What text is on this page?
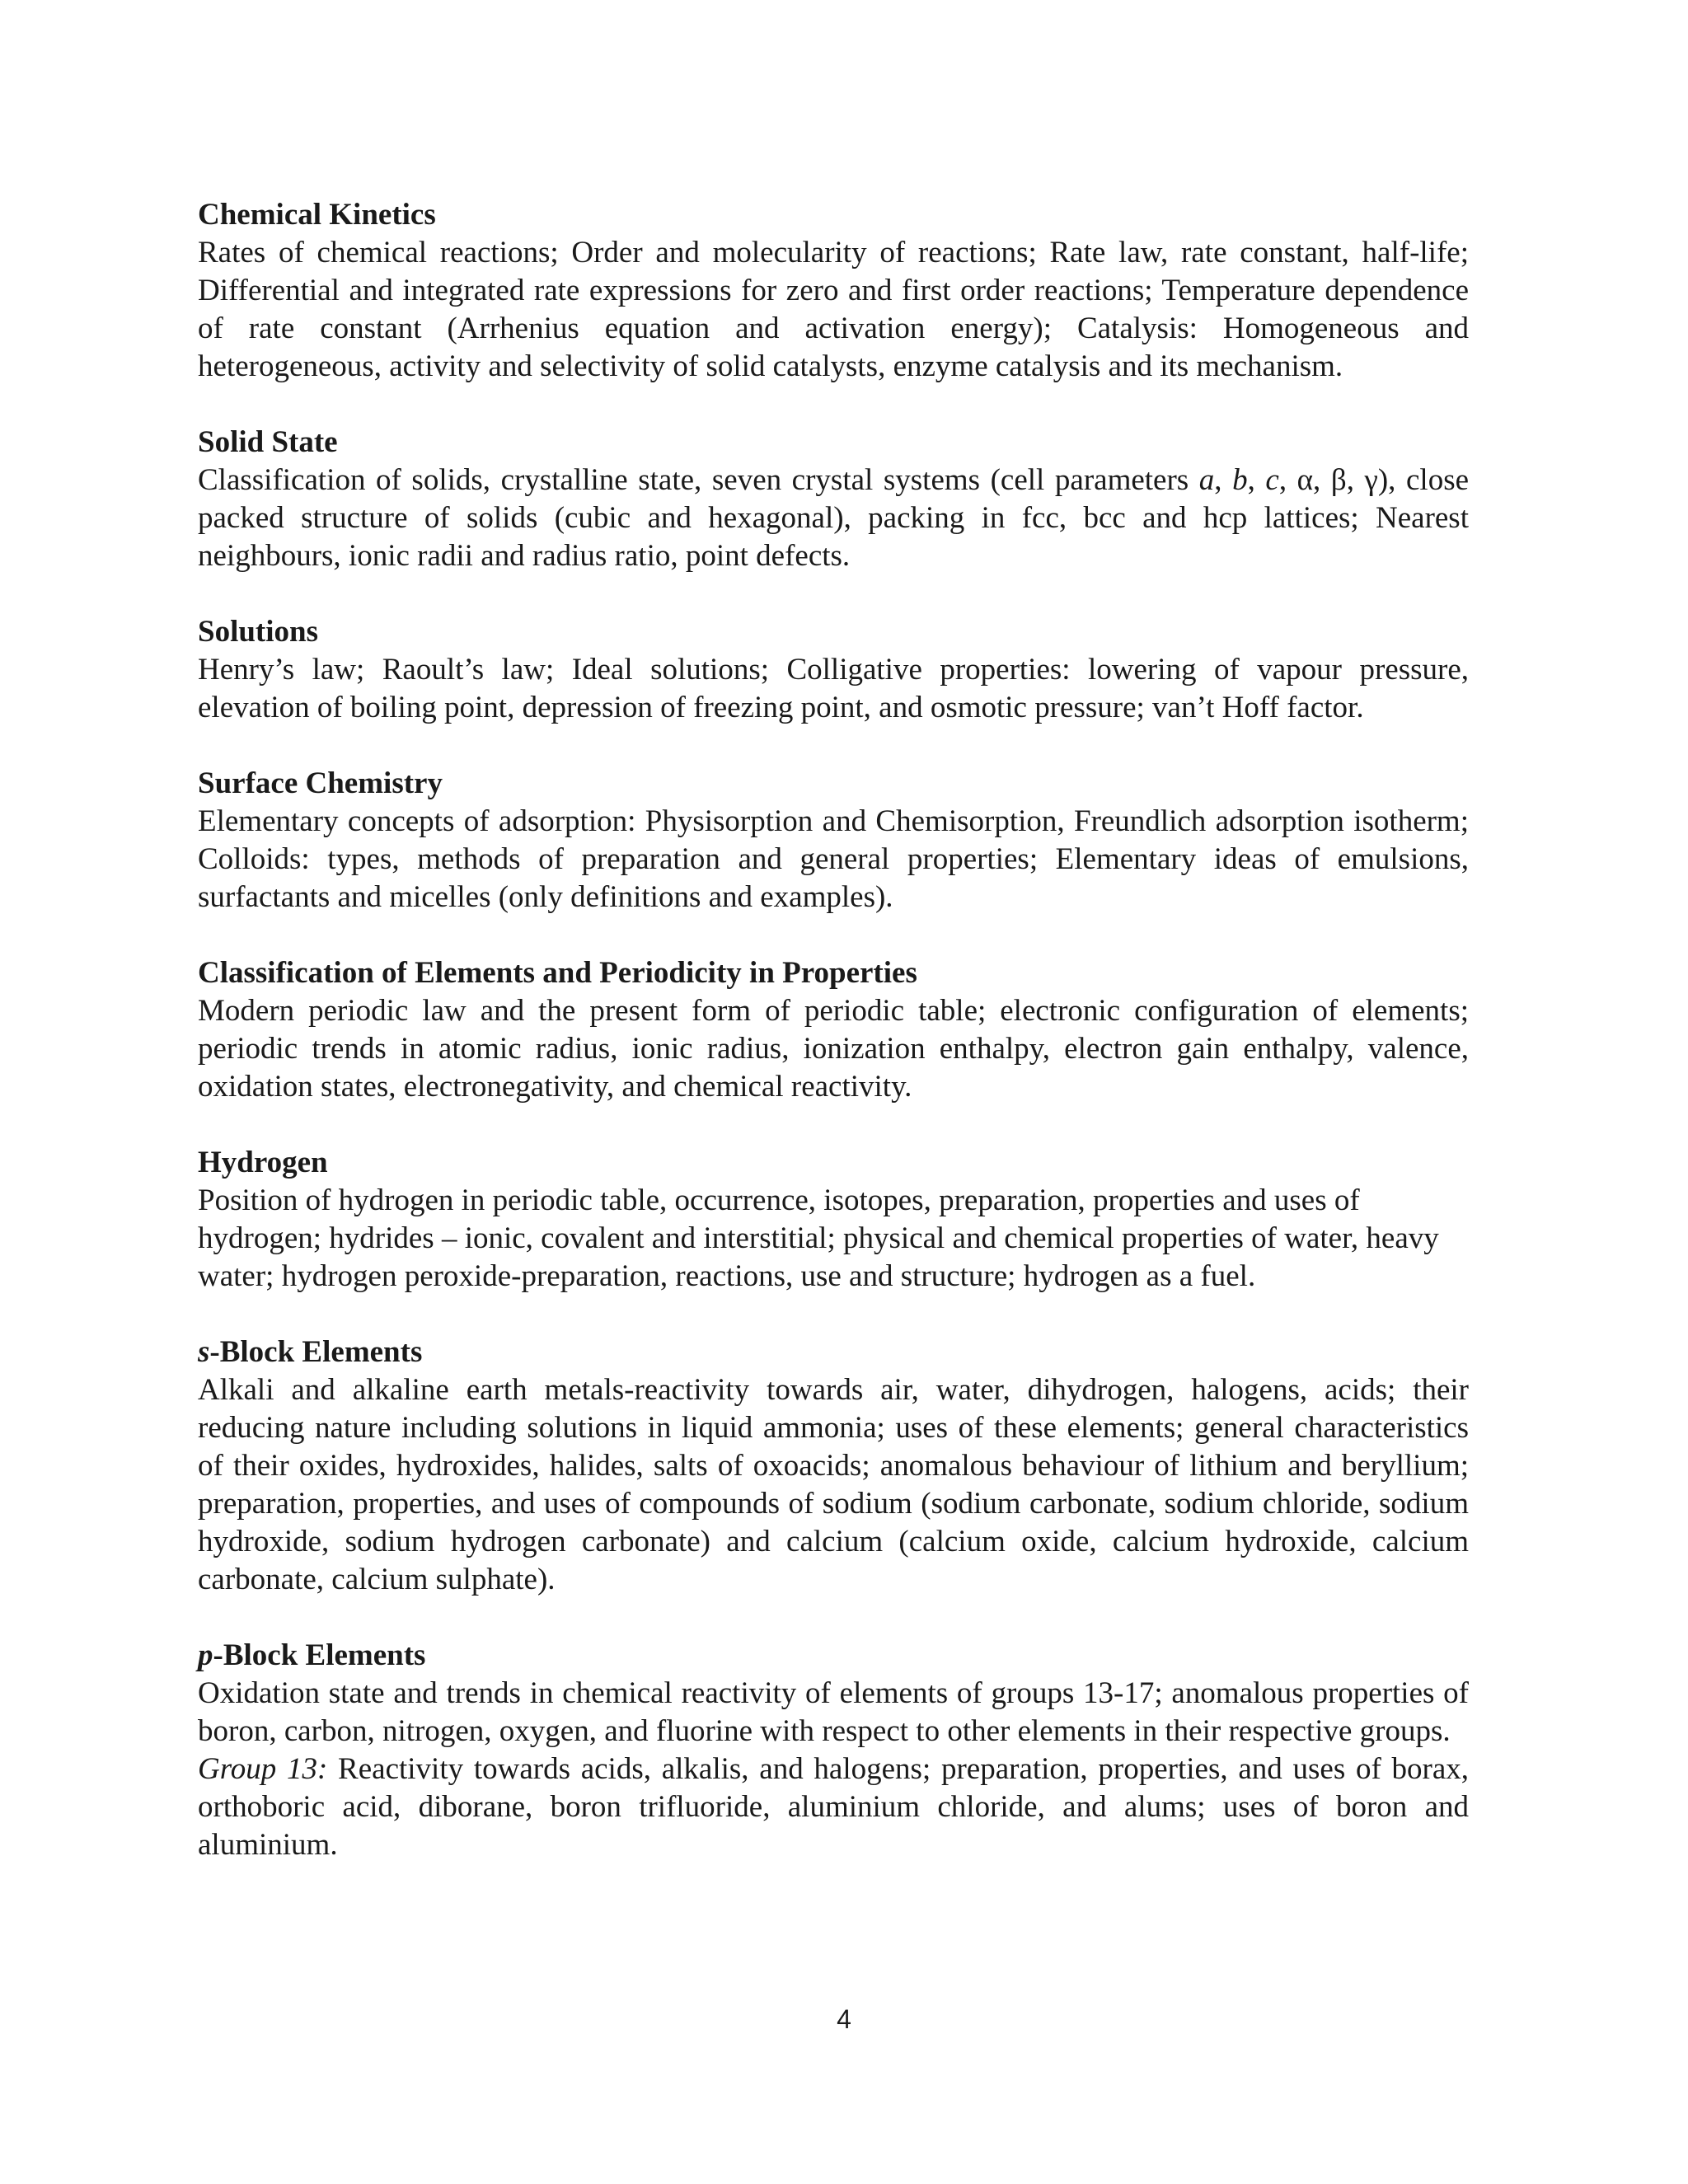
Chemical Kinetics

Rates of chemical reactions; Order and molecularity of reactions; Rate law, rate constant, half-life; Differential and integrated rate expressions for zero and first order reactions; Temperature dependence of rate constant (Arrhenius equation and activation energy); Catalysis: Homogeneous and heterogeneous, activity and selectivity of solid catalysts, enzyme catalysis and its mechanism.

Solid State

Classification of solids, crystalline state, seven crystal systems (cell parameters a, b, c, α, β, γ), close packed structure of solids (cubic and hexagonal), packing in fcc, bcc and hcp lattices; Nearest neighbours, ionic radii and radius ratio, point defects.

Solutions

Henry’s law; Raoult’s law; Ideal solutions; Colligative properties: lowering of vapour pressure, elevation of boiling point, depression of freezing point, and osmotic pressure; van’t Hoff factor.

Surface Chemistry

Elementary concepts of adsorption: Physisorption and Chemisorption, Freundlich adsorption isotherm; Colloids: types, methods of preparation and general properties; Elementary ideas of emulsions, surfactants and micelles (only definitions and examples).

Classification of Elements and Periodicity in Properties

Modern periodic law and the present form of periodic table; electronic configuration of elements; periodic trends in atomic radius, ionic radius, ionization enthalpy, electron gain enthalpy, valence, oxidation states, electronegativity, and chemical reactivity.

Hydrogen

Position of hydrogen in periodic table, occurrence, isotopes, preparation, properties and uses of hydrogen; hydrides – ionic, covalent and interstitial; physical and chemical properties of water, heavy water; hydrogen peroxide-preparation, reactions, use and structure; hydrogen as a fuel.

s-Block Elements

Alkali and alkaline earth metals-reactivity towards air, water, dihydrogen, halogens, acids; their reducing nature including solutions in liquid ammonia; uses of these elements; general characteristics of their oxides, hydroxides, halides, salts of oxoacids; anomalous behaviour of lithium and beryllium; preparation, properties, and uses of compounds of sodium (sodium carbonate, sodium chloride, sodium hydroxide, sodium hydrogen carbonate) and calcium (calcium oxide, calcium hydroxide, calcium carbonate, calcium sulphate).

p-Block Elements

Oxidation state and trends in chemical reactivity of elements of groups 13-17; anomalous properties of boron, carbon, nitrogen, oxygen, and fluorine with respect to other elements in their respective groups.

Group 13: Reactivity towards acids, alkalis, and halogens; preparation, properties, and uses of borax, orthoboric acid, diborane, boron trifluoride, aluminium chloride, and alums; uses of boron and aluminium.

4
